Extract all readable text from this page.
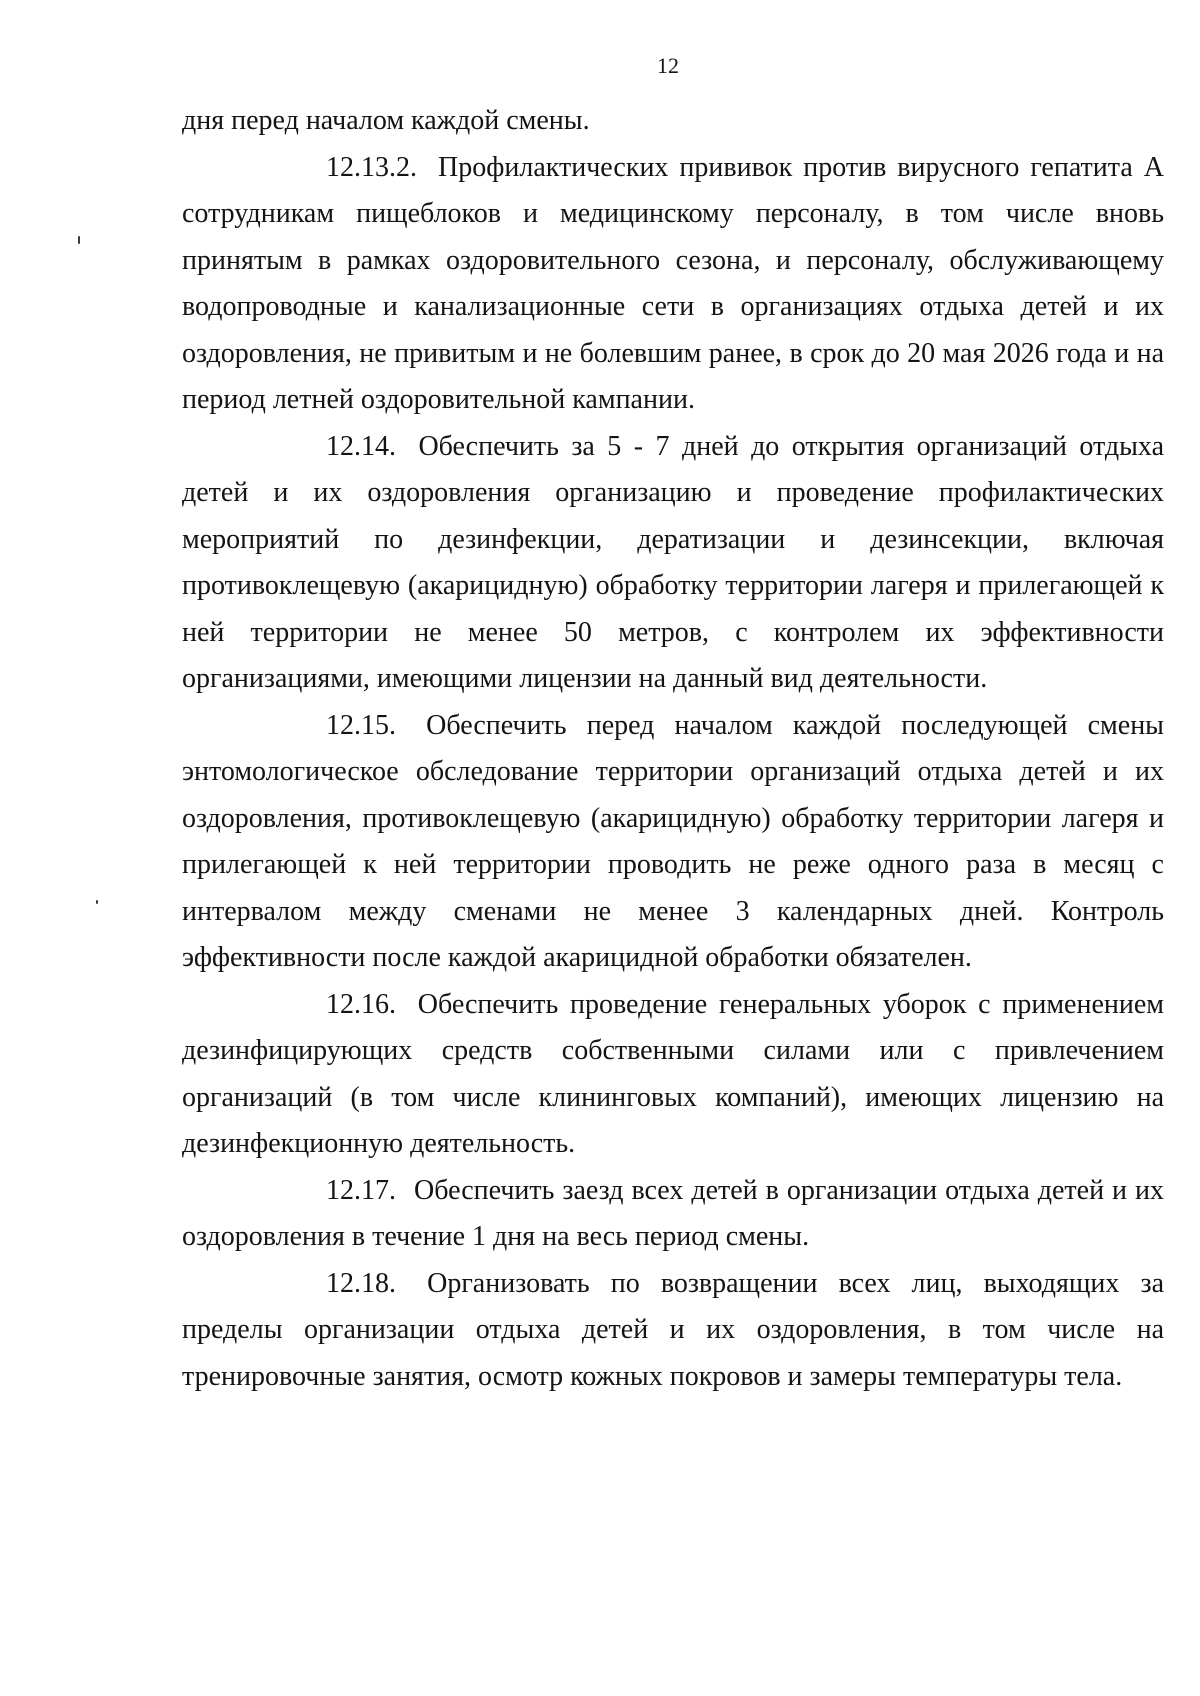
12

дня перед началом каждой смены.

12.13.2. Профилактических прививок против вирусного гепатита А сотрудникам пищеблоков и медицинскому персоналу, в том числе вновь принятым в рамках оздоровительного сезона, и персоналу, обслуживающему водопроводные и канализационные сети в организациях отдыха детей и их оздоровления, не привитым и не болевшим ранее, в срок до 20 мая 2026 года и на период летней оздоровительной кампании.

12.14. Обеспечить за 5 - 7 дней до открытия организаций отдыха детей и их оздоровления организацию и проведение профилактических мероприятий по дезинфекции, дератизации и дезинсекции, включая противоклещевую (акарицидную) обработку территории лагеря и прилегающей к ней территории не менее 50 метров, с контролем их эффективности организациями, имеющими лицензии на данный вид деятельности.

12.15. Обеспечить перед началом каждой последующей смены энтомологическое обследование территории организаций отдыха детей и их оздоровления, противоклещевую (акарицидную) обработку территории лагеря и прилегающей к ней территории проводить не реже одного раза в месяц с интервалом между сменами не менее 3 календарных дней. Контроль эффективности после каждой акарицидной обработки обязателен.

12.16. Обеспечить проведение генеральных уборок с применением дезинфицирующих средств собственными силами или с привлечением организаций (в том числе клининговых компаний), имеющих лицензию на дезинфекционную деятельность.

12.17. Обеспечить заезд всех детей в организации отдыха детей и их оздоровления в течение 1 дня на весь период смены.

12.18. Организовать по возвращении всех лиц, выходящих за пределы организации отдыха детей и их оздоровления, в том числе на тренировочные занятия, осмотр кожных покровов и замеры температуры тела.
